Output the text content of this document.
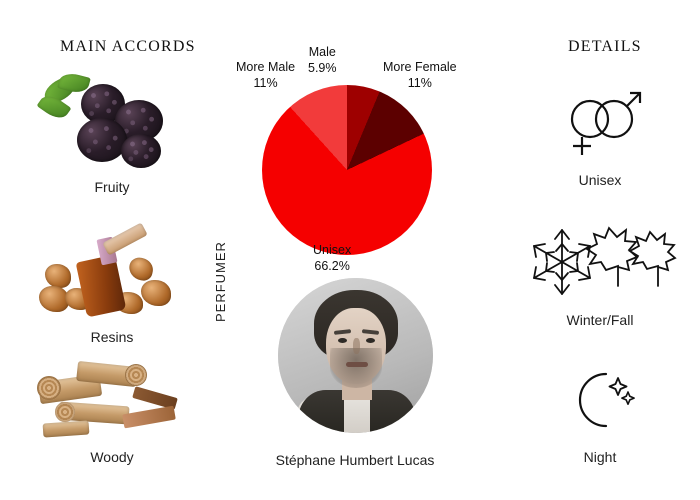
MAIN ACCORDS	DETAILS
Fruity
Resins
Woody
More Male
11%
Male
5.9%	More Female
11%
Unisex
66.2%
PERFUMER
Stéphane Humbert Lucas
Unisex
Winter/Fall
Night
